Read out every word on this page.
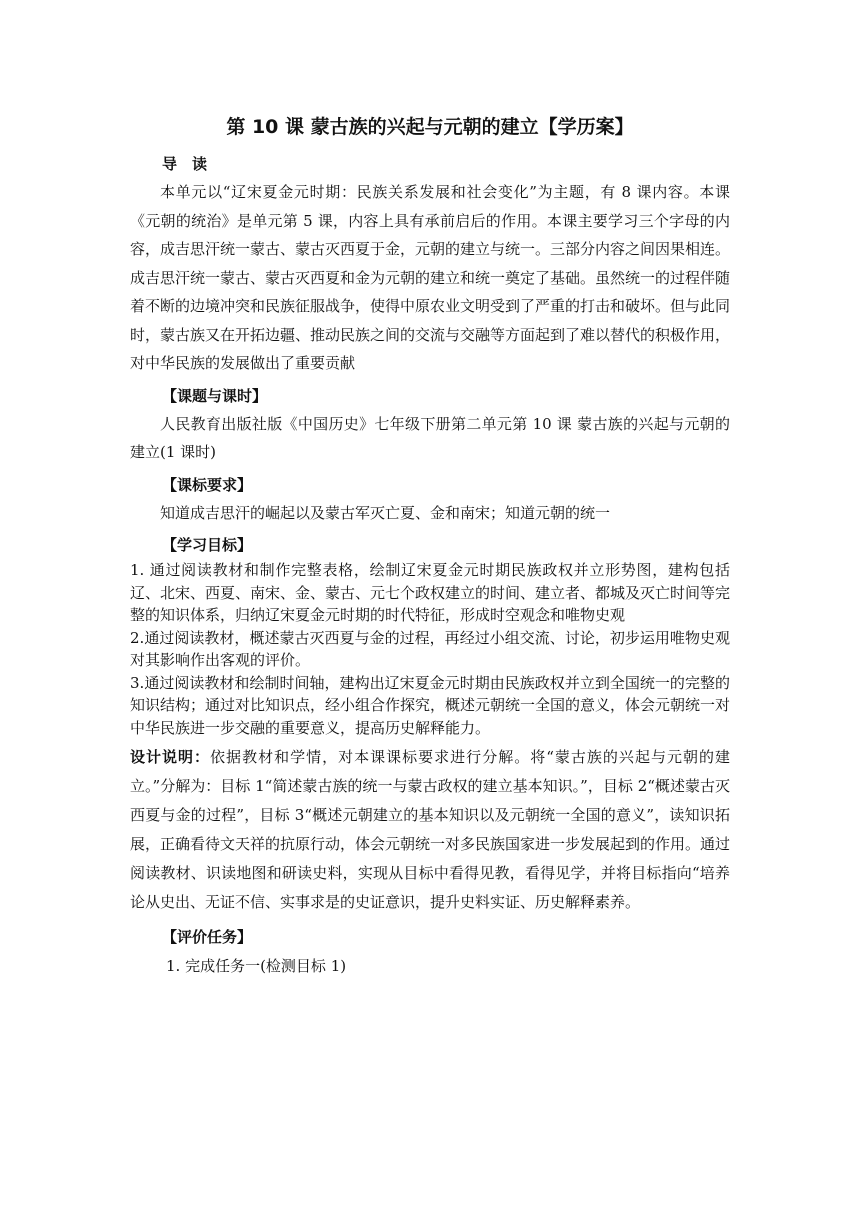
第 10 课 蒙古族的兴起与元朝的建立【学历案】

导　读

本单元以“辽宋夏金元时期：民族关系发展和社会变化”为主题，有 8 课内容。本课《元朝的统治》是单元第 5 课，内容上具有承前启后的作用。本课主要学习三个字母的内容，成吉思汗统一蒙古、蒙古灭西夏于金，元朝的建立与统一。三部分内容之间因果相连。成吉思汗统一蒙古、蒙古灭西夏和金为元朝的建立和统一奠定了基础。虽然统一的过程伴随着不断的边境冲突和民族征服战争，使得中原农业文明受到了严重的打击和破坏。但与此同时，蒙古族又在开拓边疆、推动民族之间的交流与交融等方面起到了难以替代的积极作用，对中华民族的发展做出了重要贡献

【课题与课时】

人民教育出版社版《中国历史》七年级下册第二单元第 10 课 蒙古族的兴起与元朝的建立(1 课时)

【课标要求】

知道成吉思汗的崛起以及蒙古军灭亡夏、金和南宋；知道元朝的统一

【学习目标】

1. 通过阅读教材和制作完整表格，绘制辽宋夏金元时期民族政权并立形势图，建构包括辽、北宋、西夏、南宋、金、蒙古、元七个政权建立的时间、建立者、都城及灭亡时间等完整的知识体系，归纳辽宋夏金元时期的时代特征，形成时空观念和唯物史观

2.通过阅读教材，概述蒙古灭西夏与金的过程，再经过小组交流、讨论，初步运用唯物史观对其影响作出客观的评价。

3.通过阅读教材和绘制时间轴，建构出辽宋夏金元时期由民族政权并立到全国统一的完整的知识结构；通过对比知识点，经小组合作探究，概述元朝统一全国的意义，体会元朝统一对中华民族进一步交融的重要意义，提高历史解释能力。

设计说明：依据教材和学情，对本课课标要求进行分解。将“蒙古族的兴起与元朝的建立。”分解为：目标 1“简述蒙古族的统一与蒙古政权的建立基本知识。”，目标 2“概述蒙古灭西夏与金的过程”，目标 3“概述元朝建立的基本知识以及元朝统一全国的意义”，读知识拓展，正确看待文天祥的抗原行动，体会元朝统一对多民族国家进一步发展起到的作用。通过阅读教材、识读地图和研读史料，实现从目标中看得见教，看得见学，并将目标指向“培养论从史出、无证不信、实事求是的史证意识，提升史料实证、历史解释素养。

【评价任务】

1. 完成任务一(检测目标 1)
